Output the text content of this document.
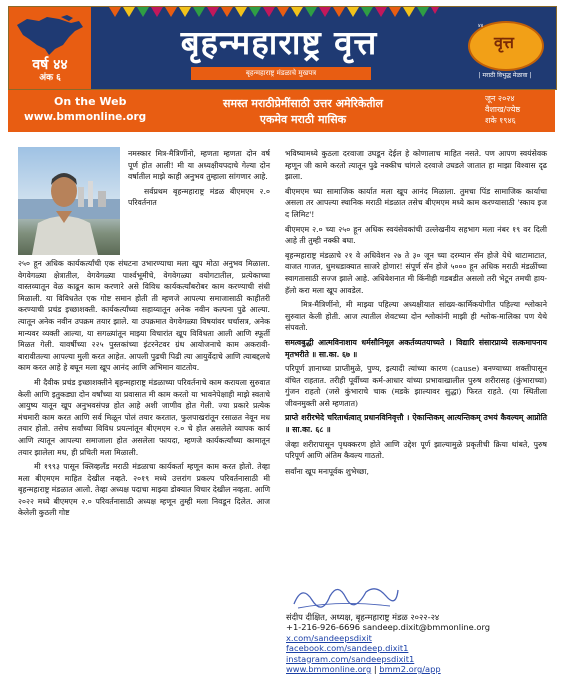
वर्ष ४४
अंक ६
बृहन्महाराष्ट्र वृत्त
बृहन्महाराष्ट्र मंडळाचे मुखपत्र
४४
वृत्त
| मराठी विभुद्ध मेळावा |
On the Web
www.bmmonline.org
समस्त मराठीप्रेमींसाठी उत्तर अमेरिकेतील
एकमेव मराठी मासिक
जून २०२४
वैशाख/ज्येष्ठ
शके १९४६

नमस्कार मित्र-मैत्रिणींनो, म्हणता म्हणता दोन वर्ष पूर्ण होत आली! मी या अध्यक्षीयपदाचे गेल्या दोन वर्षातील माझे काही अनुभव तुम्हाला सांगणार आहे.

सर्वप्रथम बृहन्महाराष्ट्र मंडळ बीएमएम २.० परिवर्तनात

२५० हून अधिक कार्यकर्त्यांची एक संघटना उभारण्याचा मला खूप मोठा अनुभव मिळाला. वेगवेगळ्या क्षेत्रातील, वेगवेगळ्या पार्श्वभूमीचे, वेगवेगळ्या वयोगटातील, प्रत्येकाच्या वास्तव्यातून वेळ काढून काम करणारे असे विविध कार्यकर्त्यांबरोबर काम करण्याची संधी मिळाली. या विविधतेत एक गोष्ट समान होती ती म्हणजे आपल्या समाजासाठी काहीतरी करण्याची प्रचंड इच्छाशक्ती. कार्यकर्त्यांच्या सहाय्यातून अनेक नवीन कल्पना पुढे आल्या. त्यातून अनेक नवीन उपक्रम तयार झाले. या उपक्रमात वेगवेगळ्या विषयांवर चर्चासत्र, अनेक मान्यवर व्यक्ती आल्या, या सगळ्यांतून माझ्या विचारांत खूप विविधता आली आणि स्फूर्ती मिळत गेली. यावर्षीच्या २२५ पुस्तकांच्या इंटरनेटवर ग्रंथ आयोजनाचे काम अकरावी-बारावीतल्या आपल्या मुली करत आहेत. आपली पुढची पिढी त्या आयुर्वेदाचे आणि त्याबद्दलचे काम करत आहे हे बघून मला खूप आनंद आणि अभिमान वाटतोय.

मी दैवीक प्रचंड इच्छाशक्तीने बृहन्महाराष्ट्र मंडळाच्या परिवर्तनाचे काम करायला सुरुवात केली आणि इतुकड्या दोन वर्षांच्या या प्रवासात मी काम करतो या भावनेपेक्षाही माझे स्वतःचे आयुष्य यातून खूप अनुभवसंपन्न होत आहे अशी जाणीव होत गेली. ज्या प्रकारे प्रत्येक मंचमारी काम करत आणि सर्व मिळून पोलं तयार करतात, फुलपाखरांतून रसाळत नेवून मध तयार होतो. तसेच सर्वांच्या विविध प्रयत्नांतून बीएमएम २.० चे होत असलेले व्यापक कार्य आणि त्यातून आपल्या समाजाला होत असलेला फायदा, म्हणजे कार्यकर्त्यांच्या कामातून तयार झालेला मध, ही प्रचिती मला मिळाली.

मी १९९३ पासून क्लिव्हलँड मराठी मंडळाचा कार्यकर्ता म्हणून काम करत होतो. तेव्हा मला बीएमएम माहित देखील नव्हते. २०१९ मध्ये उत्तरांग प्रकल्प परिवर्तनासाठी मी बृहन्महाराष्ट्र मंडळात आलो. तेव्हा अध्यक्ष पदाचा माझ्या डोक्यात विचार देखील नव्हता. आणि २०२२ मध्ये बीएमएम २.० परिवर्तनासाठी अध्यक्ष म्हणून तुम्ही मला निवडून दिलेत. आज केलेली कुठली गोष्ट

भविष्यामध्ये कुठला दरवाजा उघडून देईल हे कोणालाच माहित नसते. पण आपण स्वयंसेवक म्हणून जी कामे करतो त्यातून पुढे नक्कीच चांगले दरवाजे उघडले जातात हा माझा विश्वास दृढ झाला.

बीएमएम च्या सामाजिक कार्यात मला खूप आनंद मिळाला. तुमचा पिंड सामाजिक कार्याचा असला तर आपल्या स्थानिक मराठी मंडळात तसेच बीएमएम मध्ये काम करण्यासाठी 'स्काय इज द लिमिट'!

बीएमएम २.० च्या २५० हून अधिक स्वयंसेवकांची उल्लेखनीय सहभाग मला नंबर १९ वर दिली आहे ती तुम्ही नक्की बघा.

बृहन्महाराष्ट्र मंडळाचे २१ वे अधिवेशन २७ ते ३० जून च्या दरम्यान सॅन होजे येथे थाटामाटात, वाजत गाजत, धुमधडाक्यात साजरे होणार! संपूर्ण सॅन होजे ५००० हून अधिक मराठी मंडळींच्या स्वागतासाठी सज्ज झाले आहे. अधिवेशनात मी किंनीही गडबडीत असलो तरी भेटून तमची हाय-हॅलो करा मला खूप आवडेल.

मित्र-मैत्रिणींनो, मी माझ्या पहिल्या अध्यक्षीयात सांख्य-कार्मिकयोगीत पहिल्या श्लोकाने सुरुवात केली होती. आज त्यातील शेवटच्या दोन श्लोकांनी माझी ही श्लोक-मालिका पण येथे संपवतो.

समत्वबुद्धी आत्मविनाशाय धर्मसौनिमूल अकर्तव्यतयाच्यते । विद्यारि संसारप्राय्ये सत्कमापनाय मृतभरीते ॥ सा.का. ६७ ॥

परिपूर्ण ज्ञानाच्या प्राप्तीमुळे, पुण्य, इत्यादी त्यांच्या कारण (cause) बनण्याच्या शक्तीपासून वंचित राहतात. तरीही पूर्वीच्या कर्म-आधार यांच्या प्रभावाखालील पुरुष शरीरासह (कुंभाराच्या) गुंजन राहतो (जसे कुंभाराचे चाक (मडके झाल्यावर सुद्धा) फिरत राहते. (या स्थितीला जीवनमुक्ती असे म्हणतात)

प्राप्ते शरीरभेदे चरितार्थत्वात् प्रधानविनिवृत्तौ । ऐकान्तिकम् आत्यन्तिकम् उभयं कैवल्यम् आप्नोति ॥ सा.का. ६८ ॥

जेव्हा शरीरापासून पृथक्करण होते आणि उद्देश पूर्ण झाल्यामुळे प्रकृतीची क्रिया थांबते, पुरुष परिपूर्ण आणि अंतिम कैवल्य गाठतो.

सर्वांना खूप मनःपूर्वक शुभेच्छा,

संदीप दीक्षित, अध्यक्ष, बृहन्महाराष्ट्र मंडळ २०२२-२४
+1-216-926-6696 sandeep.dixit@bmmonline.org
x.com/sandeepsdixit
facebook.com/sandeep.dixit1
instagram.com/sandeepsdixit1
www.bmmonline.org | bmm2.org/app
